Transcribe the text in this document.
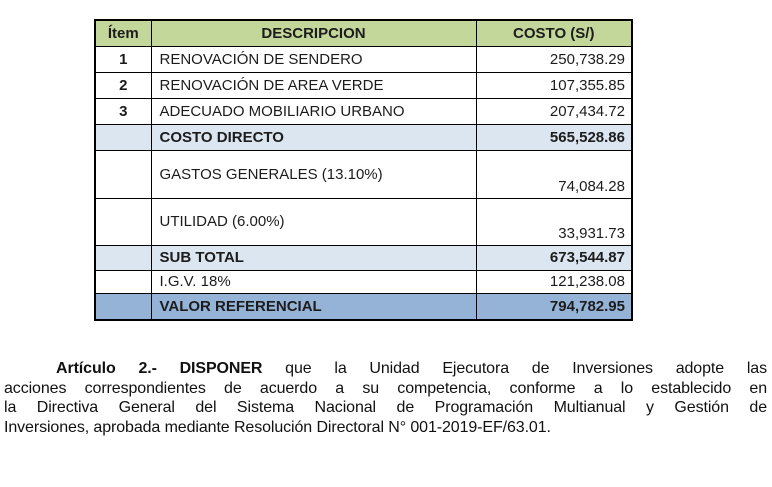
Ítem	DESCRIPCION	COSTO (S/)
1	RENOVACIÓN DE SENDERO	250,738.29
2	RENOVACIÓN DE AREA VERDE	107,355.85
3	ADECUADO MOBILIARIO URBANO	207,434.72
	COSTO DIRECTO	565,528.86
	GASTOS GENERALES (13.10%)	74,084.28
	UTILIDAD (6.00%)	33,931.73
	SUB TOTAL	673,544.87
	I.G.V. 18%	121,238.08
	VALOR REFERENCIAL	794,782.95
Artículo 2.- DISPONER que la Unidad Ejecutora de Inversiones adopte las
acciones correspondientes de acuerdo a su competencia, conforme a lo establecido en
la Directiva General del Sistema Nacional de Programación Multianual y Gestión de
Inversiones, aprobada mediante Resolución Directoral N° 001-2019-EF/63.01.
